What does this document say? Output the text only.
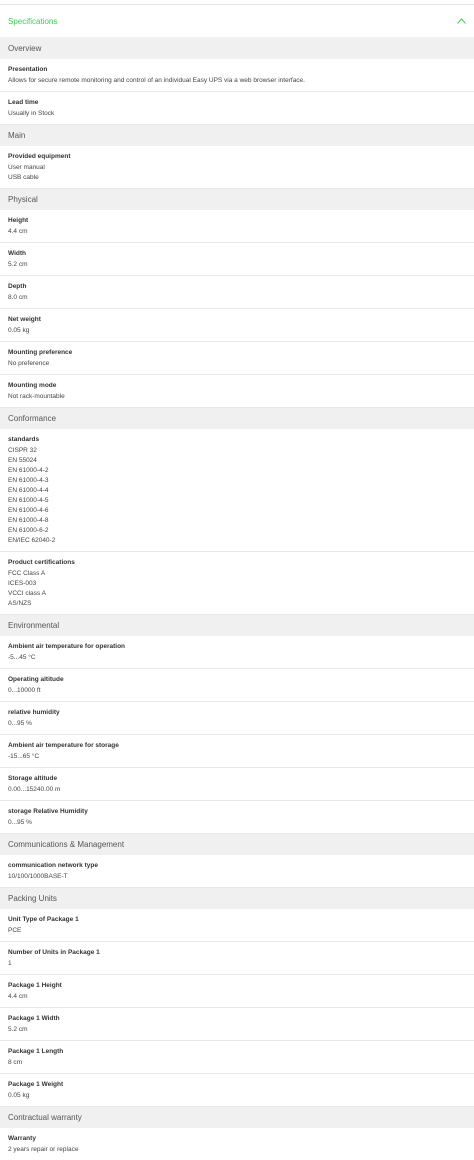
Specifications
Overview
Presentation
Allows for secure remote monitoring and control of an individual Easy UPS via a web browser interface.
Lead time
Usually in Stock
Main
Provided equipment
User manual
USB cable
Physical
Height
4.4 cm
Width
5.2 cm
Depth
8.0 cm
Net weight
0.05 kg
Mounting preference
No preference
Mounting mode
Not rack-mountable
Conformance
standards
CISPR 32
EN 55024
EN 61000-4-2
EN 61000-4-3
EN 61000-4-4
EN 61000-4-5
EN 61000-4-6
EN 61000-4-8
EN 61000-6-2
EN/IEC 62040-2
Product certifications
FCC Class A
ICES-003
VCCI class A
AS/NZS
Environmental
Ambient air temperature for operation
-5...45 °C
Operating altitude
0...10000 ft
relative humidity
0...95 %
Ambient air temperature for storage
-15...65 °C
Storage altitude
0.00...15240.00 m
storage Relative Humidity
0...95 %
Communications & Management
communication network type
10/100/1000BASE-T
Packing Units
Unit Type of Package 1
PCE
Number of Units in Package 1
1
Package 1 Height
4.4 cm
Package 1 Width
5.2 cm
Package 1 Length
8 cm
Package 1 Weight
0.05 kg
Contractual warranty
Warranty
2 years repair or replace
